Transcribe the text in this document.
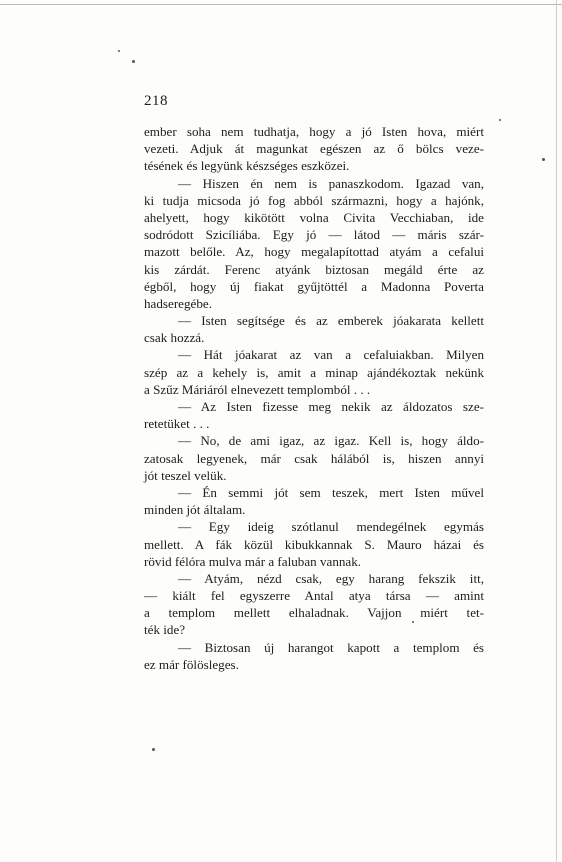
218

ember soha nem tudhatja, hogy a jó Isten hova, miért
vezeti. Adjuk át magunkat egészen az ő bölcs veze-
tésének és legyünk készséges eszközei.

— Hiszen én nem is panaszkodom. Igazad van,
ki tudja micsoda jó fog abból származni, hogy a hajónk,
ahelyett, hogy kikötött volna Civita Vecchiaban, ide
sodródott Szicíliába. Egy jó — látod — máris szár-
mazott belőle. Az, hogy megalapítottad atyám a cefalui
kis zárdát. Ferenc atyánk biztosan megáld érte az
égből, hogy új fiakat gyűjtöttél a Madonna Poverta
hadseregébe.

— Isten segítsége és az emberek jóakarata kellett
csak hozzá.

— Hát jóakarat az van a cefaluiakban. Milyen
szép az a kehely is, amit a minap ajándékoztak nekünk
a Szűz Máriáról elnevezett templomból . . .

— Az Isten fizesse meg nekik az áldozatos sze-
retetüket . . .

— No, de ami igaz, az igaz. Kell is, hogy áldo-
zatosak legyenek, már csak hálából is, hiszen annyi
jót teszel velük.

— Én semmi jót sem teszek, mert Isten művel
minden jót általam.

— Egy ideig szótlanul mendegélnek egymás
mellett. A fák közül kibukkannak S. Mauro házai és
rövid félóra mulva már a faluban vannak.

— Atyám, nézd csak, egy harang fekszik itt,
— kiált fel egyszerre Antal atya társa — amint
a templom mellett elhaladnak. Vajjon miért tet-
ték ide?

— Biztosan új harangot kapott a templom és
ez már fölösleges.
